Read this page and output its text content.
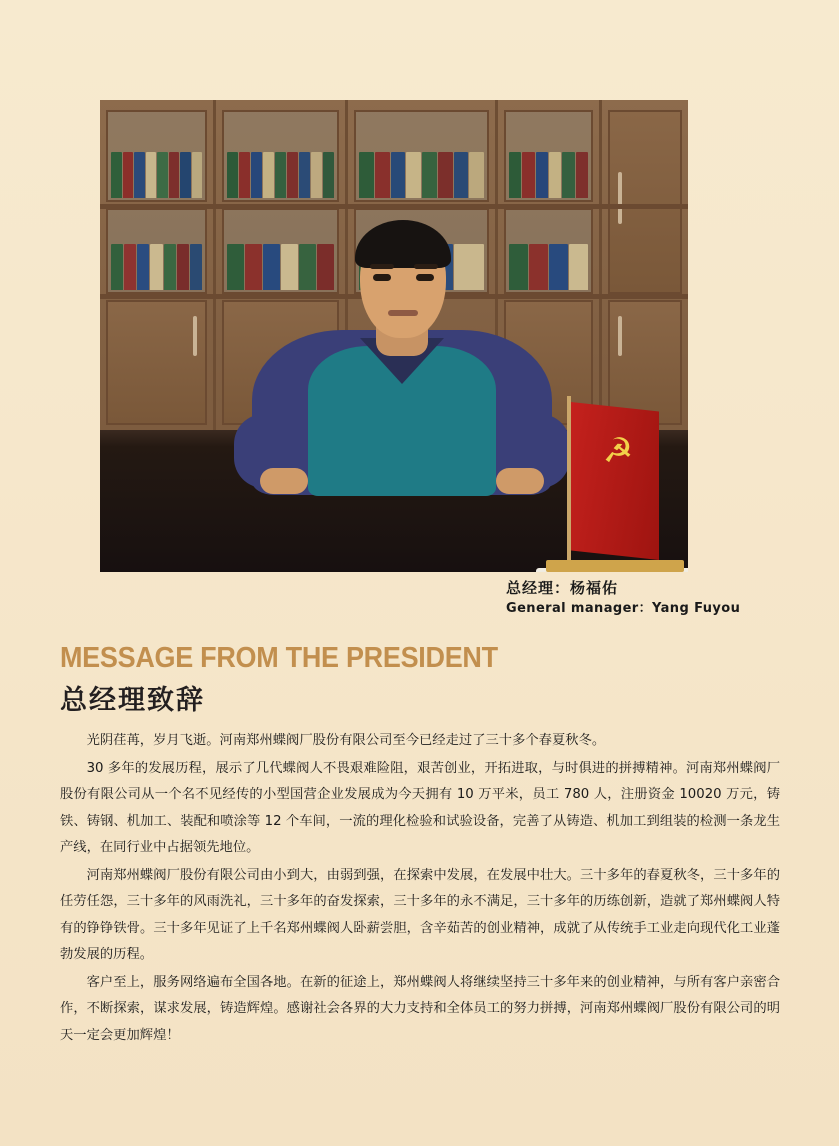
☭
总经理：杨福佑
General manager：Yang Fuyou
MESSAGE FROM THE PRESIDENT
总经理致辞

光阴荏苒，岁月飞逝。河南郑州蝶阀厂股份有限公司至今已经走过了三十多个春夏秋冬。

30 多年的发展历程，展示了几代蝶阀人不畏艰难险阻，艰苦创业，开拓进取，与时俱进的拼搏精神。河南郑州蝶阀厂股份有限公司从一个名不见经传的小型国营企业发展成为今天拥有 10 万平米，员工 780 人，注册资金 10020 万元，铸铁、铸钢、机加工、装配和喷涂等 12 个车间，一流的理化检验和试验设备，完善了从铸造、机加工到组装的检测一条龙生产线，在同行业中占据领先地位。

河南郑州蝶阀厂股份有限公司由小到大，由弱到强，在探索中发展，在发展中壮大。三十多年的春夏秋冬，三十多年的任劳任怨，三十多年的风雨洗礼，三十多年的奋发探索，三十多年的永不满足，三十多年的历练创新，造就了郑州蝶阀人特有的铮铮铁骨。三十多年见证了上千名郑州蝶阀人卧薪尝胆，含辛茹苦的创业精神，成就了从传统手工业走向现代化工业蓬勃发展的历程。

客户至上，服务网络遍布全国各地。在新的征途上，郑州蝶阀人将继续坚持三十多年来的创业精神，与所有客户亲密合作，不断探索，谋求发展，铸造辉煌。感谢社会各界的大力支持和全体员工的努力拼搏，河南郑州蝶阀厂股份有限公司的明天一定会更加辉煌！
